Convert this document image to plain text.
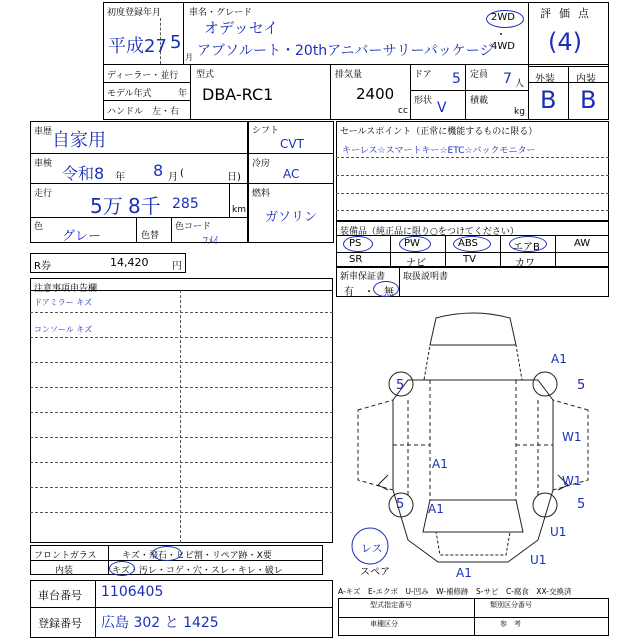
初度登録年月
平成27 5
月
車名・グレード
オデッセイ
アブソルート・20thアニバーサリーパッケージ
2WD
・
4WD
評価点
(4)
ディーラー・並行
モデル年式	年
ハンドル　左・右
型式
DBA-RC1
排気量
2400
cc
ドア 5 定員 7 人
形状 V	積載
kg
外装 内装
B B
車歴 自家用
車検 令和8 年 8 月 (	日)
走行 5万 8千 285	km
色
グレー	色替
色コード
ﾌﾒｲ
シフト
CVT
冷房
AC
燃料
ガソリン
セールスポイント（正常に機能するものに限る）
キーレス☆スマートキー☆ETC☆バックモニター
装備品（純正品に限り○をつけてください）
PS	PW	ABS	エアB	AW
SR	ナビ	TV	カワ
新車保証書
有　・　無
取扱説明書
R券	14,420 円
注意事項申告欄
ドアミラー キズ
コンソール キズ
A1
5	5
W1
A1
W1
5 A1	5
U1
U1
A1
レス
スペア
A-キズ　E-エクボ　U-凹み　W-補修跡　S-サビ　C-腐食　XX-交換済
型式指定番号	類別区分番号
車種区分	参　考
フロントガラス	キズ・飛石・ヒビ割・リペア跡・X要
内装	キズ・汚レ・コゲ・穴・スレ・キレ・破レ
車台番号 1106405
登録番号 広島 302 と 1425
